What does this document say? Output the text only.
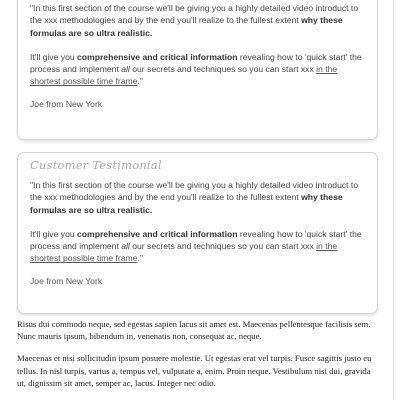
"In this first section of the course we'll be giving you a highly detailed video introduct to the xxx methodologies and by the end you'll realize to the fullest extent why these formulas are so ultra realistic.

It'll give you comprehensive and critical information revealing how to 'quick start' the process and implement all our secrets and techniques so you can start xxx in the shortest possible time frame."

Joe from New York

Customer Testimonial

"In this first section of the course we'll be giving you a highly detailed video introduct to the xxx methodologies and by the end you'll realize to the fullest extent why these formulas are so ultra realistic.

It'll give you comprehensive and critical information revealing how to 'quick start' the process and implement all our secrets and techniques so you can start xxx in the shortest possible time frame."

Joe from New York

Risus dui commodo neque, sed egestas sapien lacus sit amet est. Maecenas pellentesque facilisis sem. Nunc mauris ipsum, bibendum in, venenatis non, consequat ac, neque.

Maecenas et nisi sollicitudin ipsum posuere molestie. Ut egestas erat vel turpis. Fusce sagittis justo eu tellus. In nisl turpis, varius a, tempus vel, vulputate a, enim. Proin neque. Vestibulum nisi dui, gravida ut, dignissim sit amet, semper ac, lacus. Integer nec odio.
